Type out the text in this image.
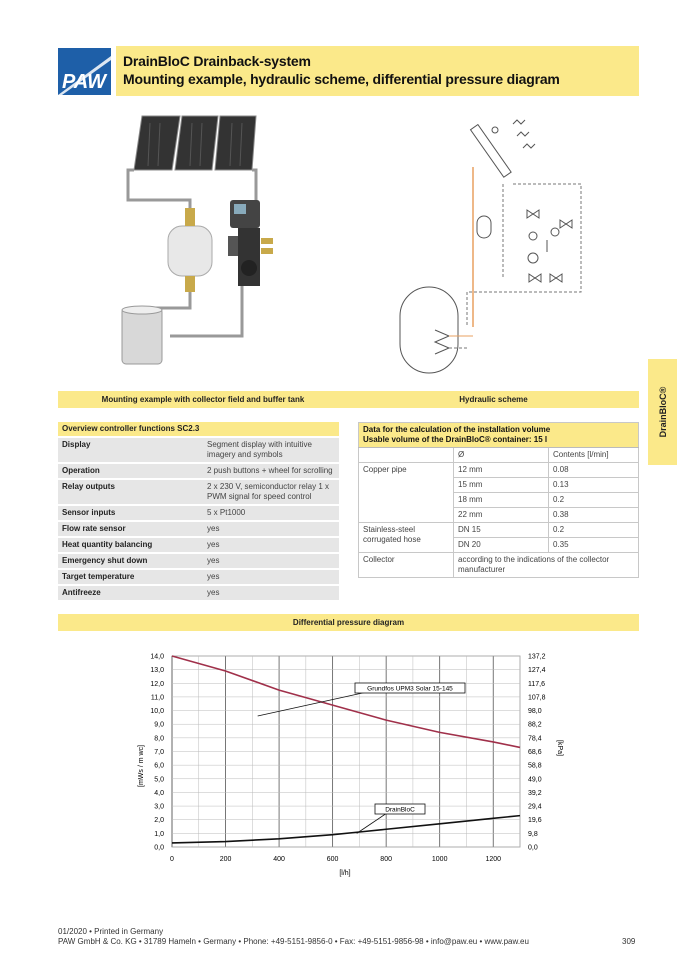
PAW
DrainBloC Drainback-system
Mounting example, hydraulic scheme, differential pressure diagram
DrainBloC®
Mounting example with collector field and buffer tank	Hydraulic scheme
Overview controller functions SC2.3	
Display	Segment display with intuitive imagery and symbols
Operation	2 push buttons + wheel for scrolling
Relay outputs	2 x 230 V, semiconductor relay 1 x PWM signal for speed control
Sensor inputs	5 x Pt1000
Flow rate sensor	yes
Heat quantity balancing	yes
Emergency shut down	yes
Target temperature	yes
Antifreeze	yes
Data for the calculation of the installation volume
Usable volume of the DrainBloC® container: 15 l		

	Ø	Contents [l/min]
Copper pipe	12 mm	0.08
	15 mm	0.13
	18 mm	0.2
	22 mm	0.38
Stainless-steel corrugated hose	DN 15	0.2
	DN 20	0.35
Collector	according to the indications of the collector manufacturer	
Differential pressure diagram
0,0
1,0
2,0
3,0
4,0
5,0
6,0
7,0
8,0
9,0
10,0
11,0
12,0
13,0
14,0
0,0
9,8
19,6
29,4
39,2
49,0
58,8
68,6
78,4
88,2
98,0
107,8
117,6
127,4
137,2
0	200	400	600	800	1000	1200
Grundfos UPM3 Solar 15-145
DrainBloC
[mWs / m wc]	[kPa]
[l/h]
01/2020 • Printed in Germany
PAW GmbH & Co. KG • 31789 Hameln • Germany • Phone: +49-5151-9856-0 • Fax: +49-5151-9856-98 • info@paw.eu • www.paw.eu	309
